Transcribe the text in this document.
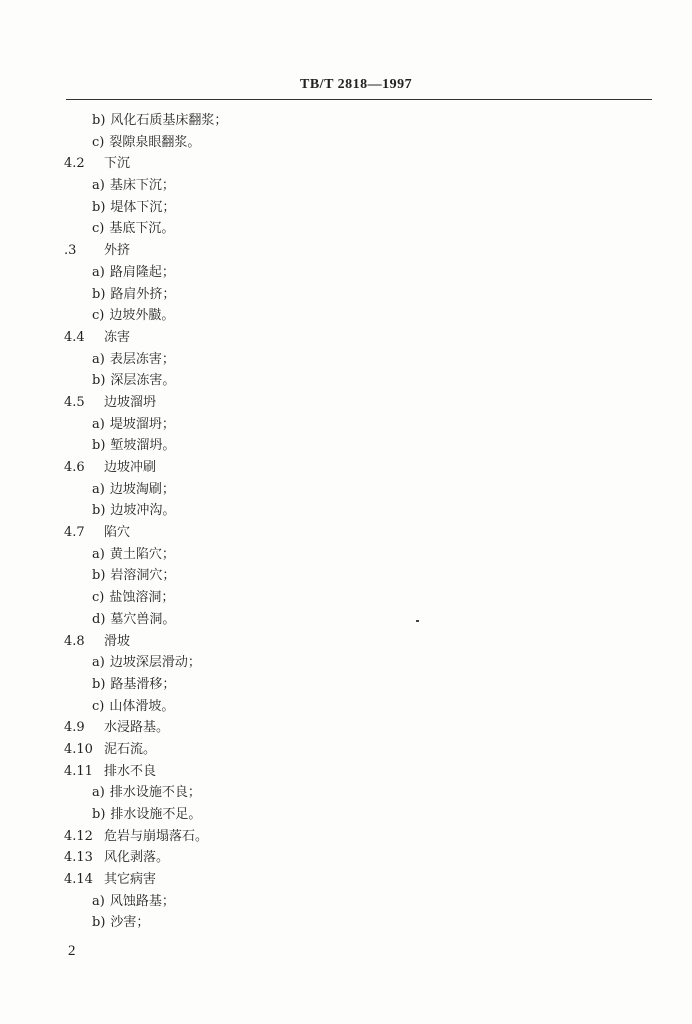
TB/T 2818—1997
b) 风化石质基床翻浆；
c) 裂隙泉眼翻浆。
4.2 下沉
a) 基床下沉；
b) 堤体下沉；
c) 基底下沉。
.3 外挤
a) 路肩隆起；
b) 路肩外挤；
c) 边坡外臌。
4.4 冻害
a) 表层冻害；
b) 深层冻害。
4.5 边坡溜坍
a) 堤坡溜坍；
b) 堑坡溜坍。
4.6 边坡冲刷
a) 边坡淘刷；
b) 边坡冲沟。
4.7 陷穴
a) 黄土陷穴；
b) 岩溶洞穴；
c) 盐蚀溶洞；
d) 墓穴兽洞。
4.8 滑坡
a) 边坡深层滑动；
b) 路基滑移；
c) 山体滑坡。
4.9 水浸路基。
4.10 泥石流。
4.11 排水不良
a) 排水设施不良；
b) 排水设施不足。
4.12 危岩与崩塌落石。
4.13 风化剥落。
4.14 其它病害
a) 风蚀路基；
b) 沙害；
2
